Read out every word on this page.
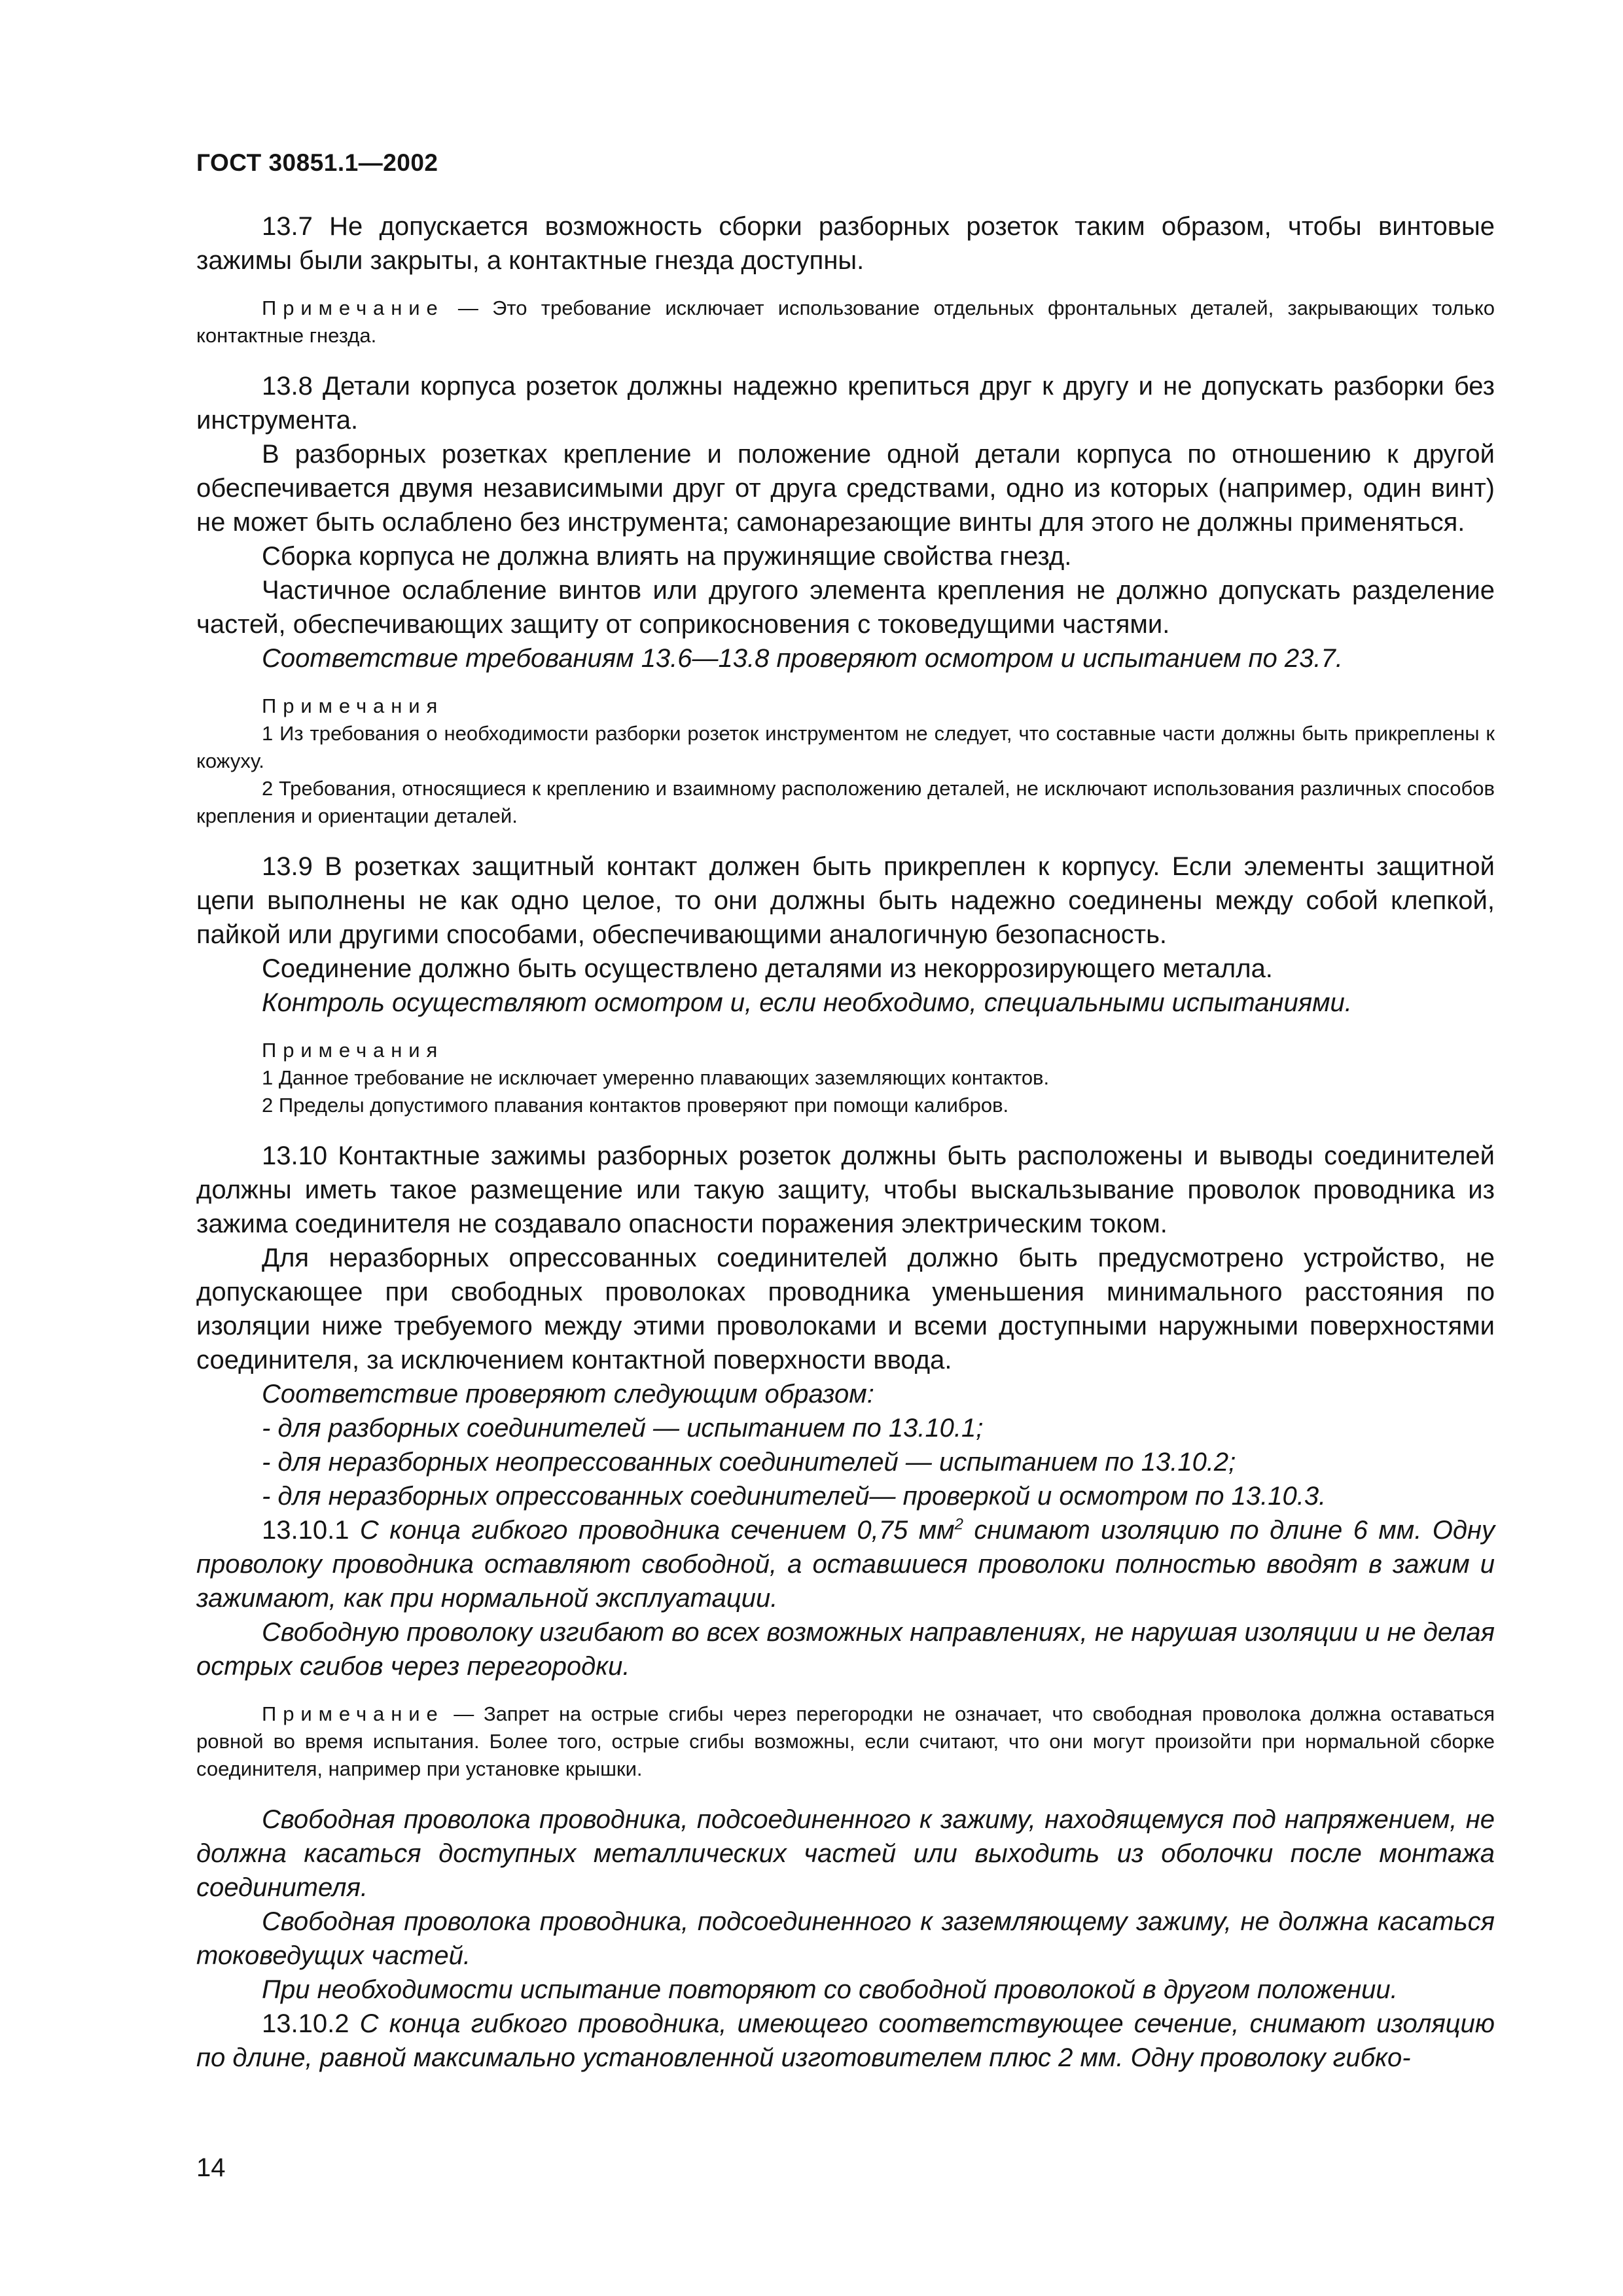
ГОСТ 30851.1—2002

13.7 Не допускается возможность сборки разборных розеток таким образом, чтобы винтовые зажимы были закрыты, а контактные гнезда доступны.

Примечание — Это требование исключает использование отдельных фронтальных деталей, закрывающих только контактные гнезда.

13.8 Детали корпуса розеток должны надежно крепиться друг к другу и не допускать разборки без инструмента.

В разборных розетках крепление и положение одной детали корпуса по отношению к другой обеспечивается двумя независимыми друг от друга средствами, одно из которых (например, один винт) не может быть ослаблено без инструмента; самонарезающие винты для этого не должны применяться.

Сборка корпуса не должна влиять на пружинящие свойства гнезд.

Частичное ослабление винтов или другого элемента крепления не должно допускать разделение частей, обеспечивающих защиту от соприкосновения с токоведущими частями.

Соответствие требованиям 13.6—13.8 проверяют осмотром и испытанием по 23.7.

Примечания

1 Из требования о необходимости разборки розеток инструментом не следует, что составные части должны быть прикреплены к кожуху.

2 Требования, относящиеся к креплению и взаимному расположению деталей, не исключают использования различных способов крепления и ориентации деталей.

13.9 В розетках защитный контакт должен быть прикреплен к корпусу. Если элементы защитной цепи выполнены не как одно целое, то они должны быть надежно соединены между собой клепкой, пайкой или другими способами, обеспечивающими аналогичную безопасность.

Соединение должно быть осуществлено деталями из некоррозирующего металла.

Контроль осуществляют осмотром и, если необходимо, специальными испытаниями.

Примечания

1 Данное требование не исключает умеренно плавающих заземляющих контактов.

2 Пределы допустимого плавания контактов проверяют при помощи калибров.

13.10 Контактные зажимы разборных розеток должны быть расположены и выводы соединителей должны иметь такое размещение или такую защиту, чтобы выскальзывание проволок проводника из зажима соединителя не создавало опасности поражения электрическим током.

Для неразборных опрессованных соединителей должно быть предусмотрено устройство, не допускающее при свободных проволоках проводника уменьшения минимального расстояния по изоляции ниже требуемого между этими проволоками и всеми доступными наружными поверхностями соединителя, за исключением контактной поверхности ввода.

Соответствие проверяют следующим образом:

- для разборных соединителей — испытанием по 13.10.1;

- для неразборных неопрессованных соединителей — испытанием по 13.10.2;

- для неразборных опрессованных соединителей— проверкой и осмотром по 13.10.3.

13.10.1 С конца гибкого проводника сечением 0,75 $мм^2$ снимают изоляцию по длине 6 мм. Одну проволоку проводника оставляют свободной, а оставшиеся проволоки полностью вводят в зажим и зажимают, как при нормальной эксплуатации.

Свободную проволоку изгибают во всех возможных направлениях, не нарушая изоляции и не делая острых сгибов через перегородки.

Примечание — Запрет на острые сгибы через перегородки не означает, что свободная проволока должна оставаться ровной во время испытания. Более того, острые сгибы возможны, если считают, что они могут произойти при нормальной сборке соединителя, например при установке крышки.

Свободная проволока проводника, подсоединенного к зажиму, находящемуся под напряжением, не должна касаться доступных металлических частей или выходить из оболочки после монтажа соединителя.

Свободная проволока проводника, подсоединенного к заземляющему зажиму, не должна касаться токоведущих частей.

При необходимости испытание повторяют со свободной проволокой в другом положении.

13.10.2 С конца гибкого проводника, имеющего соответствующее сечение, снимают изоляцию по длине, равной максимально установленной изготовителем плюс 2 мм. Одну проволоку гибко-

14
